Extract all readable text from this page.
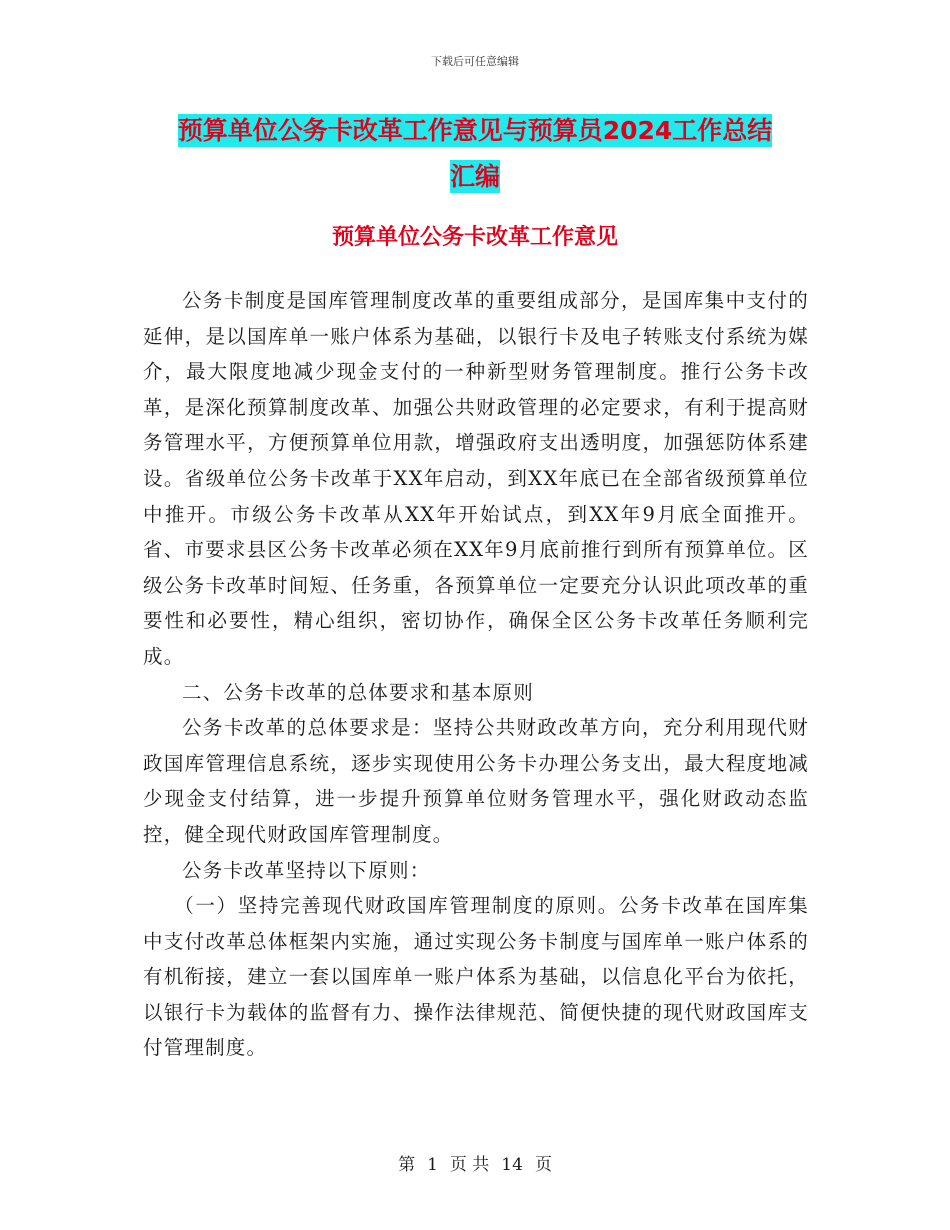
下载后可任意编辑
预算单位公务卡改革工作意见与预算员2024工作总结
汇编
预算单位公务卡改革工作意见

公务卡制度是国库管理制度改革的重要组成部分，是国库集中支付的延伸，是以国库单一账户体系为基础，以银行卡及电子转账支付系统为媒介，最大限度地减少现金支付的一种新型财务管理制度。推行公务卡改革，是深化预算制度改革、加强公共财政管理的必定要求，有利于提高财务管理水平，方便预算单位用款，增强政府支出透明度，加强惩防体系建设。省级单位公务卡改革于XX年启动，到XX年底已在全部省级预算单位中推开。市级公务卡改革从XX年开始试点，到XX年9月底全面推开。省、市要求县区公务卡改革必须在XX年9月底前推行到所有预算单位。区级公务卡改革时间短、任务重，各预算单位一定要充分认识此项改革的重要性和必要性，精心组织，密切协作，确保全区公务卡改革任务顺利完成。

二、公务卡改革的总体要求和基本原则

公务卡改革的总体要求是：坚持公共财政改革方向，充分利用现代财政国库管理信息系统，逐步实现使用公务卡办理公务支出，最大程度地减少现金支付结算，进一步提升预算单位财务管理水平，强化财政动态监控，健全现代财政国库管理制度。

公务卡改革坚持以下原则：

（一）坚持完善现代财政国库管理制度的原则。公务卡改革在国库集中支付改革总体框架内实施，通过实现公务卡制度与国库单一账户体系的有机衔接，建立一套以国库单一账户体系为基础，以信息化平台为依托，以银行卡为载体的监督有力、操作法律规范、简便快捷的现代财政国库支付管理制度。

第 1 页 共 14 页
